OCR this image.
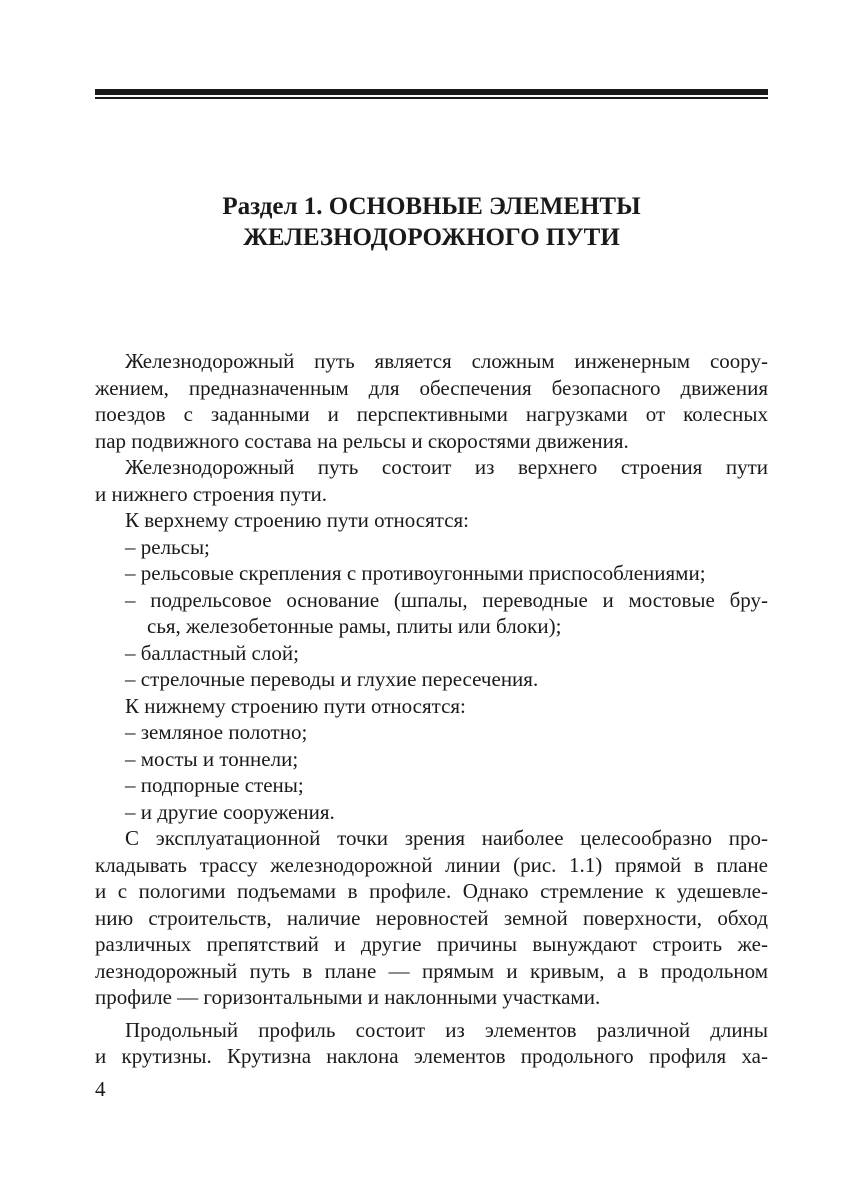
Раздел 1. ОСНОВНЫЕ ЭЛЕМЕНТЫ
ЖЕЛЕЗНОДОРОЖНОГО ПУТИ
Железнодорожный путь является сложным инженерным соору-
жением, предназначенным для обеспечения безопасного движения
поездов с заданными и перспективными нагрузками от колесных
пар подвижного состава на рельсы и скоростями движения.
Железнодорожный путь состоит из верхнего строения пути
и нижнего строения пути.
К верхнему строению пути относятся:
– рельсы;
– рельсовые скрепления с противоугонными приспособлениями;
– подрельсовое основание (шпалы, переводные и мостовые бру-
сья, железобетонные рамы, плиты или блоки);
– балластный слой;
– стрелочные переводы и глухие пересечения.
К нижнему строению пути относятся:
– земляное полотно;
– мосты и тоннели;
– подпорные стены;
– и другие сооружения.
С эксплуатационной точки зрения наиболее целесообразно про-
кладывать трассу железнодорожной линии (рис. 1.1) прямой в плане
и с пологими подъемами в профиле. Однако стремление к удешевле-
нию строительств, наличие неровностей земной поверхности, обход
различных препятствий и другие причины вынуждают строить же-
лезнодорожный путь в плане — прямым и кривым, а в продольном
профиле — горизонтальными и наклонными участками.
Продольный профиль состоит из элементов различной длины
и крутизны. Крутизна наклона элементов продольного профиля ха-
4
